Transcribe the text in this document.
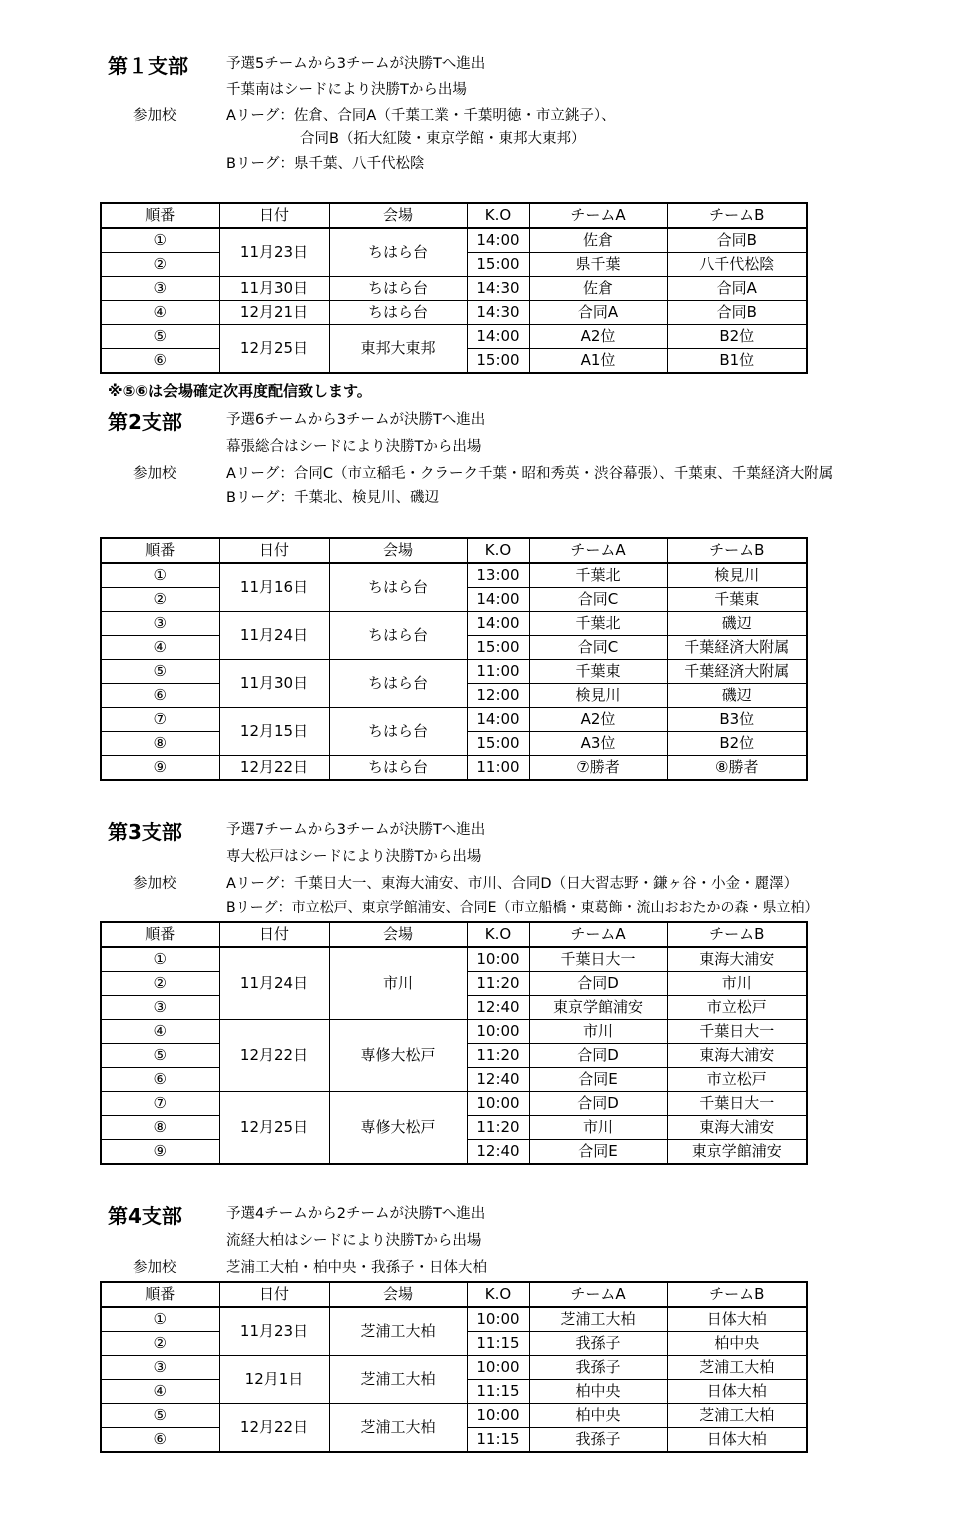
第１支部	予選5チームから3チームが決勝Tへ進出
千葉南はシードにより決勝Tから出場
参加校	Aリーグ：佐倉、合同A（千葉工業・千葉明徳・市立銚子）、
合同B（拓大紅陵・東京学館・東邦大東邦）
Bリーグ：県千葉、八千代松陰
順番	日付	会場	K.O	チームA	チームB
①	11月23日	ちはら台	14:00	佐倉	合同B
②			15:00	県千葉	八千代松陰
③	11月30日	ちはら台	14:30	佐倉	合同A
④	12月21日	ちはら台	14:30	合同A	合同B
⑤	12月25日	東邦大東邦	14:00	A2位	B2位
⑥			15:00	A1位	B1位
※⑤⑥は会場確定次再度配信致します。
第2支部	予選6チームから3チームが決勝Tへ進出
幕張総合はシードにより決勝Tから出場
参加校	Aリーグ：合同C（市立稲毛・クラーク千葉・昭和秀英・渋谷幕張）、千葉東、千葉経済大附属
Bリーグ：千葉北、検見川、磯辺
順番	日付	会場	K.O	チームA	チームB
①	11月16日	ちはら台	13:00	千葉北	検見川
②			14:00	合同C	千葉東
③	11月24日	ちはら台	14:00	千葉北	磯辺
④			15:00	合同C	千葉経済大附属
⑤	11月30日	ちはら台	11:00	千葉東	千葉経済大附属
⑥			12:00	検見川	磯辺
⑦	12月15日	ちはら台	14:00	A2位	B3位
⑧			15:00	A3位	B2位
⑨	12月22日	ちはら台	11:00	⑦勝者	⑧勝者
第3支部	予選7チームから3チームが決勝Tへ進出
専大松戸はシードにより決勝Tから出場
参加校	Aリーグ：千葉日大一、東海大浦安、市川、合同D（日大習志野・鎌ヶ谷・小金・麗澤）
Bリーグ：市立松戸、東京学館浦安、合同E（市立船橋・東葛飾・流山おおたかの森・県立柏）
順番	日付	会場	K.O	チームA	チームB
①	11月24日	市川	10:00	千葉日大一	東海大浦安
②			11:20	合同D	市川
③			12:40	東京学館浦安	市立松戸
④	12月22日	専修大松戸	10:00	市川	千葉日大一
⑤			11:20	合同D	東海大浦安
⑥			12:40	合同E	市立松戸
⑦	12月25日	専修大松戸	10:00	合同D	千葉日大一
⑧			11:20	市川	東海大浦安
⑨			12:40	合同E	東京学館浦安
第4支部	予選4チームから2チームが決勝Tへ進出
流経大柏はシードにより決勝Tから出場
参加校	芝浦工大柏・柏中央・我孫子・日体大柏
順番	日付	会場	K.O	チームA	チームB
①	11月23日	芝浦工大柏	10:00	芝浦工大柏	日体大柏
②			11:15	我孫子	柏中央
③	12月1日	芝浦工大柏	10:00	我孫子	芝浦工大柏
④			11:15	柏中央	日体大柏
⑤	12月22日	芝浦工大柏	10:00	柏中央	芝浦工大柏
⑥			11:15	我孫子	日体大柏
